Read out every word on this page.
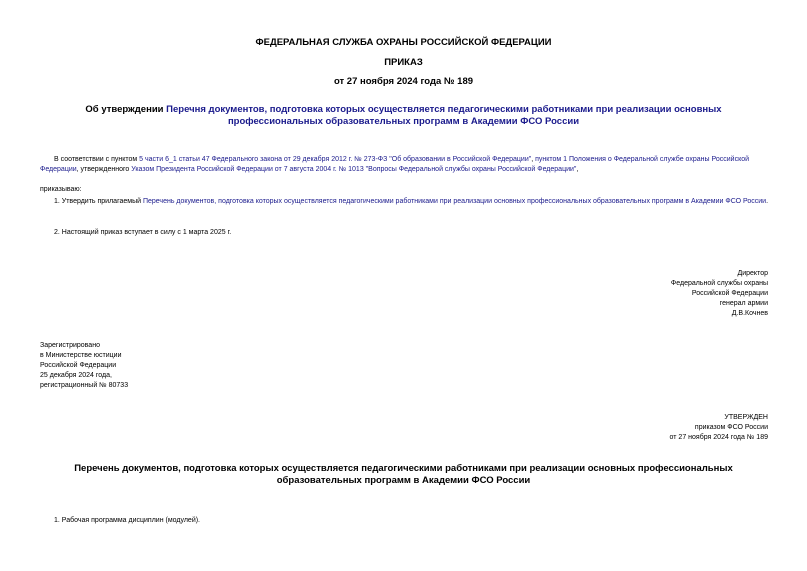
ФЕДЕРАЛЬНАЯ СЛУЖБА ОХРАНЫ РОССИЙСКОЙ ФЕДЕРАЦИИ
ПРИКАЗ
от 27 ноября 2024 года № 189
Об утверждении Перечня документов, подготовка которых осуществляется педагогическими работниками при реализации основных профессиональных образовательных программ в Академии ФСО России
В соответствии с пунктом 5 части 6_1 статьи 47 Федерального закона от 29 декабря 2012 г. № 273-ФЗ "Об образовании в Российской Федерации", пунктом 1 Положения о Федеральной службе охраны Российской Федерации, утвержденного Указом Президента Российской Федерации от 7 августа 2004 г. № 1013 "Вопросы Федеральной службы охраны Российской Федерации",
приказываю:
1. Утвердить прилагаемый Перечень документов, подготовка которых осуществляется педагогическими работниками при реализации основных профессиональных образовательных программ в Академии ФСО России.
2. Настоящий приказ вступает в силу с 1 марта 2025 г.
Директор
Федеральной службы охраны
Российской Федерации
генерал армии
Д.В.Кочнев
Зарегистрировано
в Министерстве юстиции
Российской Федерации
25 декабря 2024 года,
регистрационный № 80733
УТВЕРЖДЕН
приказом ФСО России
от 27 ноября 2024 года № 189
Перечень документов, подготовка которых осуществляется педагогическими работниками при реализации основных профессиональных образовательных программ в Академии ФСО России
1. Рабочая программа дисциплин (модулей).
